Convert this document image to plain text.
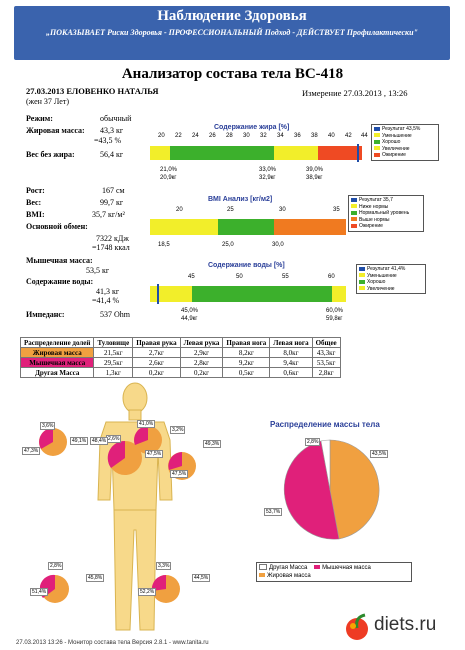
Наблюдение Здоровья
„ПОКАЗЫВАЕТ Риски Здоровья - ПРОФЕССИОНАЛЬНЫЙ Подход - ДЕЙСТВУЕТ Профилактически"
Анализатор состава тела BC-418
27.03.2013 ЕЛОВЕНКО НАТАЛЬЯ
(жен 37 Лет)
Измерение 27.03.2013 , 13:26
Режим:	обычный
Жировая масса: 43,3 кг
=43,5 %
Вес без жира:	56,4 кг
Рост:	167 см
Вес:	99,7 кг
BMI:	35,7 кг/м²
Основной обмен:
7322 кДж
=1748 ккал
Мышечная масса:
53,5 кг
Содержание воды:
41,3 кг
=41,4 %
Импеданс:	537 Ohm
Содержание жира [%]
20 22 24 26 28 30 32 34 36 38 40 42 44
21,0%
20,9кг
33,0%
32,9кг
39,0%
38,9кг
Результат 43,5%
Уменьшение
Хорошо
Увеличение
Ожирение
BMI Анализ [кг/м2]
20	25	30	35
18,5	25,0	30,0
Результат 35,7
Ниже нормы
Нормальный уровень
Выше нормы
Ожирение
Содержание воды [%]
45	50	55	60
45,0%
44,9кг
60,0%
59,8кг
Результат 41,4%
Уменьшение
Хорошо
Увеличение
Распределение долей	Туловище	Правая рука	Левая рука	Правая нога	Левая нога	Общее
Жировая масса	21,5кг	2,7кг	2,9кг	8,2кг	8,0кг	43,3кг
Мышечная масса	29,5кг	2,6кг	2,8кг	9,2кг	9,4кг	53,5кг
Другая Масса	1,3кг	0,2кг	0,2кг	0,5кг	0,6кг	2,8кг
3,6%
49,1%
47,3%
2,6%
48,4%
41,0%
47,5%
3,2%
49,3%
47,5%
2,8%
45,8%
51,4%
3,3%
52,2%
44,5%
Распределение массы тела
2,8%
43,5%
53,7%
Другая Масса Мышечная масса
Жировая масса
diets.ru
27.03.2013 13:26 - Монитор состава тела Версия 2.8.1 - www.tanita.ru
